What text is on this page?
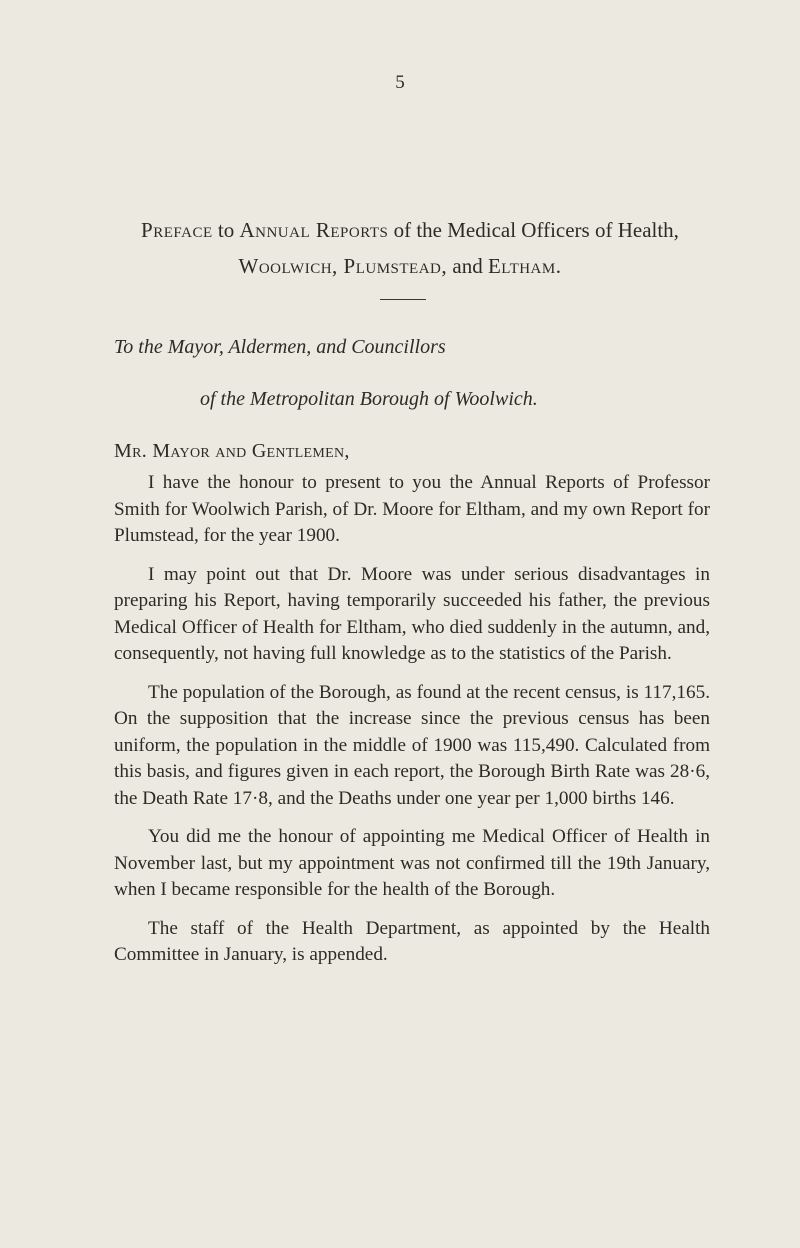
5
Preface to Annual Reports of the Medical Officers of Health,
Woolwich, Plumstead, and Eltham.
To the Mayor, Aldermen, and Councillors
of the Metropolitan Borough of Woolwich.
Mr. Mayor and Gentlemen,

I have the honour to present to you the Annual Reports of Professor Smith for Woolwich Parish, of Dr. Moore for Eltham, and my own Report for Plumstead, for the year 1900.

I may point out that Dr. Moore was under serious disadvantages in preparing his Report, having temporarily succeeded his father, the previous Medical Officer of Health for Eltham, who died suddenly in the autumn, and, consequently, not having full knowledge as to the statistics of the Parish.

The population of the Borough, as found at the recent census, is 117,165. On the supposition that the increase since the previous census has been uniform, the population in the middle of 1900 was 115,490. Calculated from this basis, and figures given in each report, the Borough Birth Rate was 28·6, the Death Rate 17·8, and the Deaths under one year per 1,000 births 146.

You did me the honour of appointing me Medical Officer of Health in November last, but my appointment was not confirmed till the 19th January, when I became responsible for the health of the Borough.

The staff of the Health Department, as appointed by the Health Committee in January, is appended.
